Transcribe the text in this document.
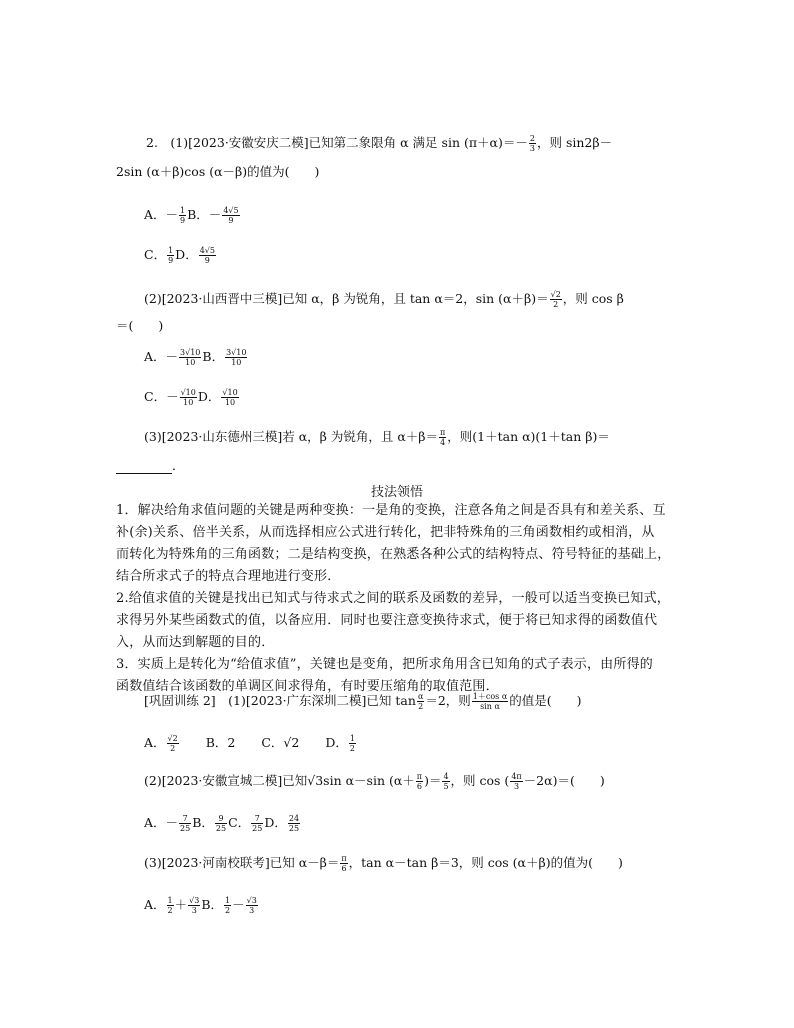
2.　(1)[2023·安徽安庆二模]已知第二象限角 α 满足 $\sin (\pi+\alpha)=- \frac{2}{3}$ ，则 sin2β－
2sin (α＋β)cos (α－β)的值为(　　)
A．－ $\frac{1}{9}$ B．－ $\frac{4√5}{9}$
C． $\frac{1}{9}$ D． $\frac{4√5}{9}$
(2)[2023·山西晋中三模]已知 α，β 为锐角，且 tan α＝2，$\sin (\alpha+\beta)= \frac{√2}{2}$ ，则 cos β
＝(　　)
A．－ $\frac{3√10}{10}$ B． $\frac{3√10}{10}$
C．－ $\frac{√10}{10}$ D． $\frac{√10}{10}$
(3)[2023·山东德州三模]若 α，β 为锐角，且 $\alpha+\beta= \frac{\pi}{4}$ ，则(1＋tan α)(1＋tan β)＝
．
技法领悟
1．解决给角求值问题的关键是两种变换：一是角的变换，注意各角之间是否具有和差关系、互
补(余)关系、倍半关系，从而选择相应公式进行转化，把非特殊角的三角函数相约或相消，从
而转化为特殊角的三角函数；二是结构变换，在熟悉各种公式的结构特点、符号特征的基础上，
结合所求式子的特点合理地进行变形．
2.给值求值的关键是找出已知式与待求式之间的联系及函数的差异，一般可以适当变换已知式，
求得另外某些函数式的值，以备应用．同时也要注意变换待求式，便于将已知求得的函数值代
入，从而达到解题的目的．
3．实质上是转化为“给值求值”，关键也是变角，把所求角用含已知角的式子表示，由所得的
函数值结合该函数的单调区间求得角，有时要压缩角的取值范围．
[巩固训练 2]　(1)[2023·广东深圳二模]已知 $\tan \frac{\alpha}{2} =2$，则 $\frac{\text{1＋cos α}}{\text{sin α}}$ 的值是(　　)
A． $\frac{√2}{2}$ B．2 C．√2 D． $\frac{1}{2}$
(2)[2023·安徽宣城二模]已知√3sin α－sin ($\alpha+ \frac{\pi}{6}$ )＝ $\frac{4}{5}$ ，则 cos ( $\frac{4\pi}{3} -2\alpha)=$(　　)
A．－ $\frac{7}{25}$ B． $\frac{9}{25}$ C． $\frac{7}{25}$ D． $\frac{24}{25}$
(3)[2023·河南校联考]已知 $\alpha-\beta= \frac{\pi}{6}$ ，tan α－tan β＝3，则 cos (α＋β)的值为(　　)
A． $\frac{1}{2} + \frac{√3}{3}$ B． $\frac{1}{2} - \frac{√3}{3}$
